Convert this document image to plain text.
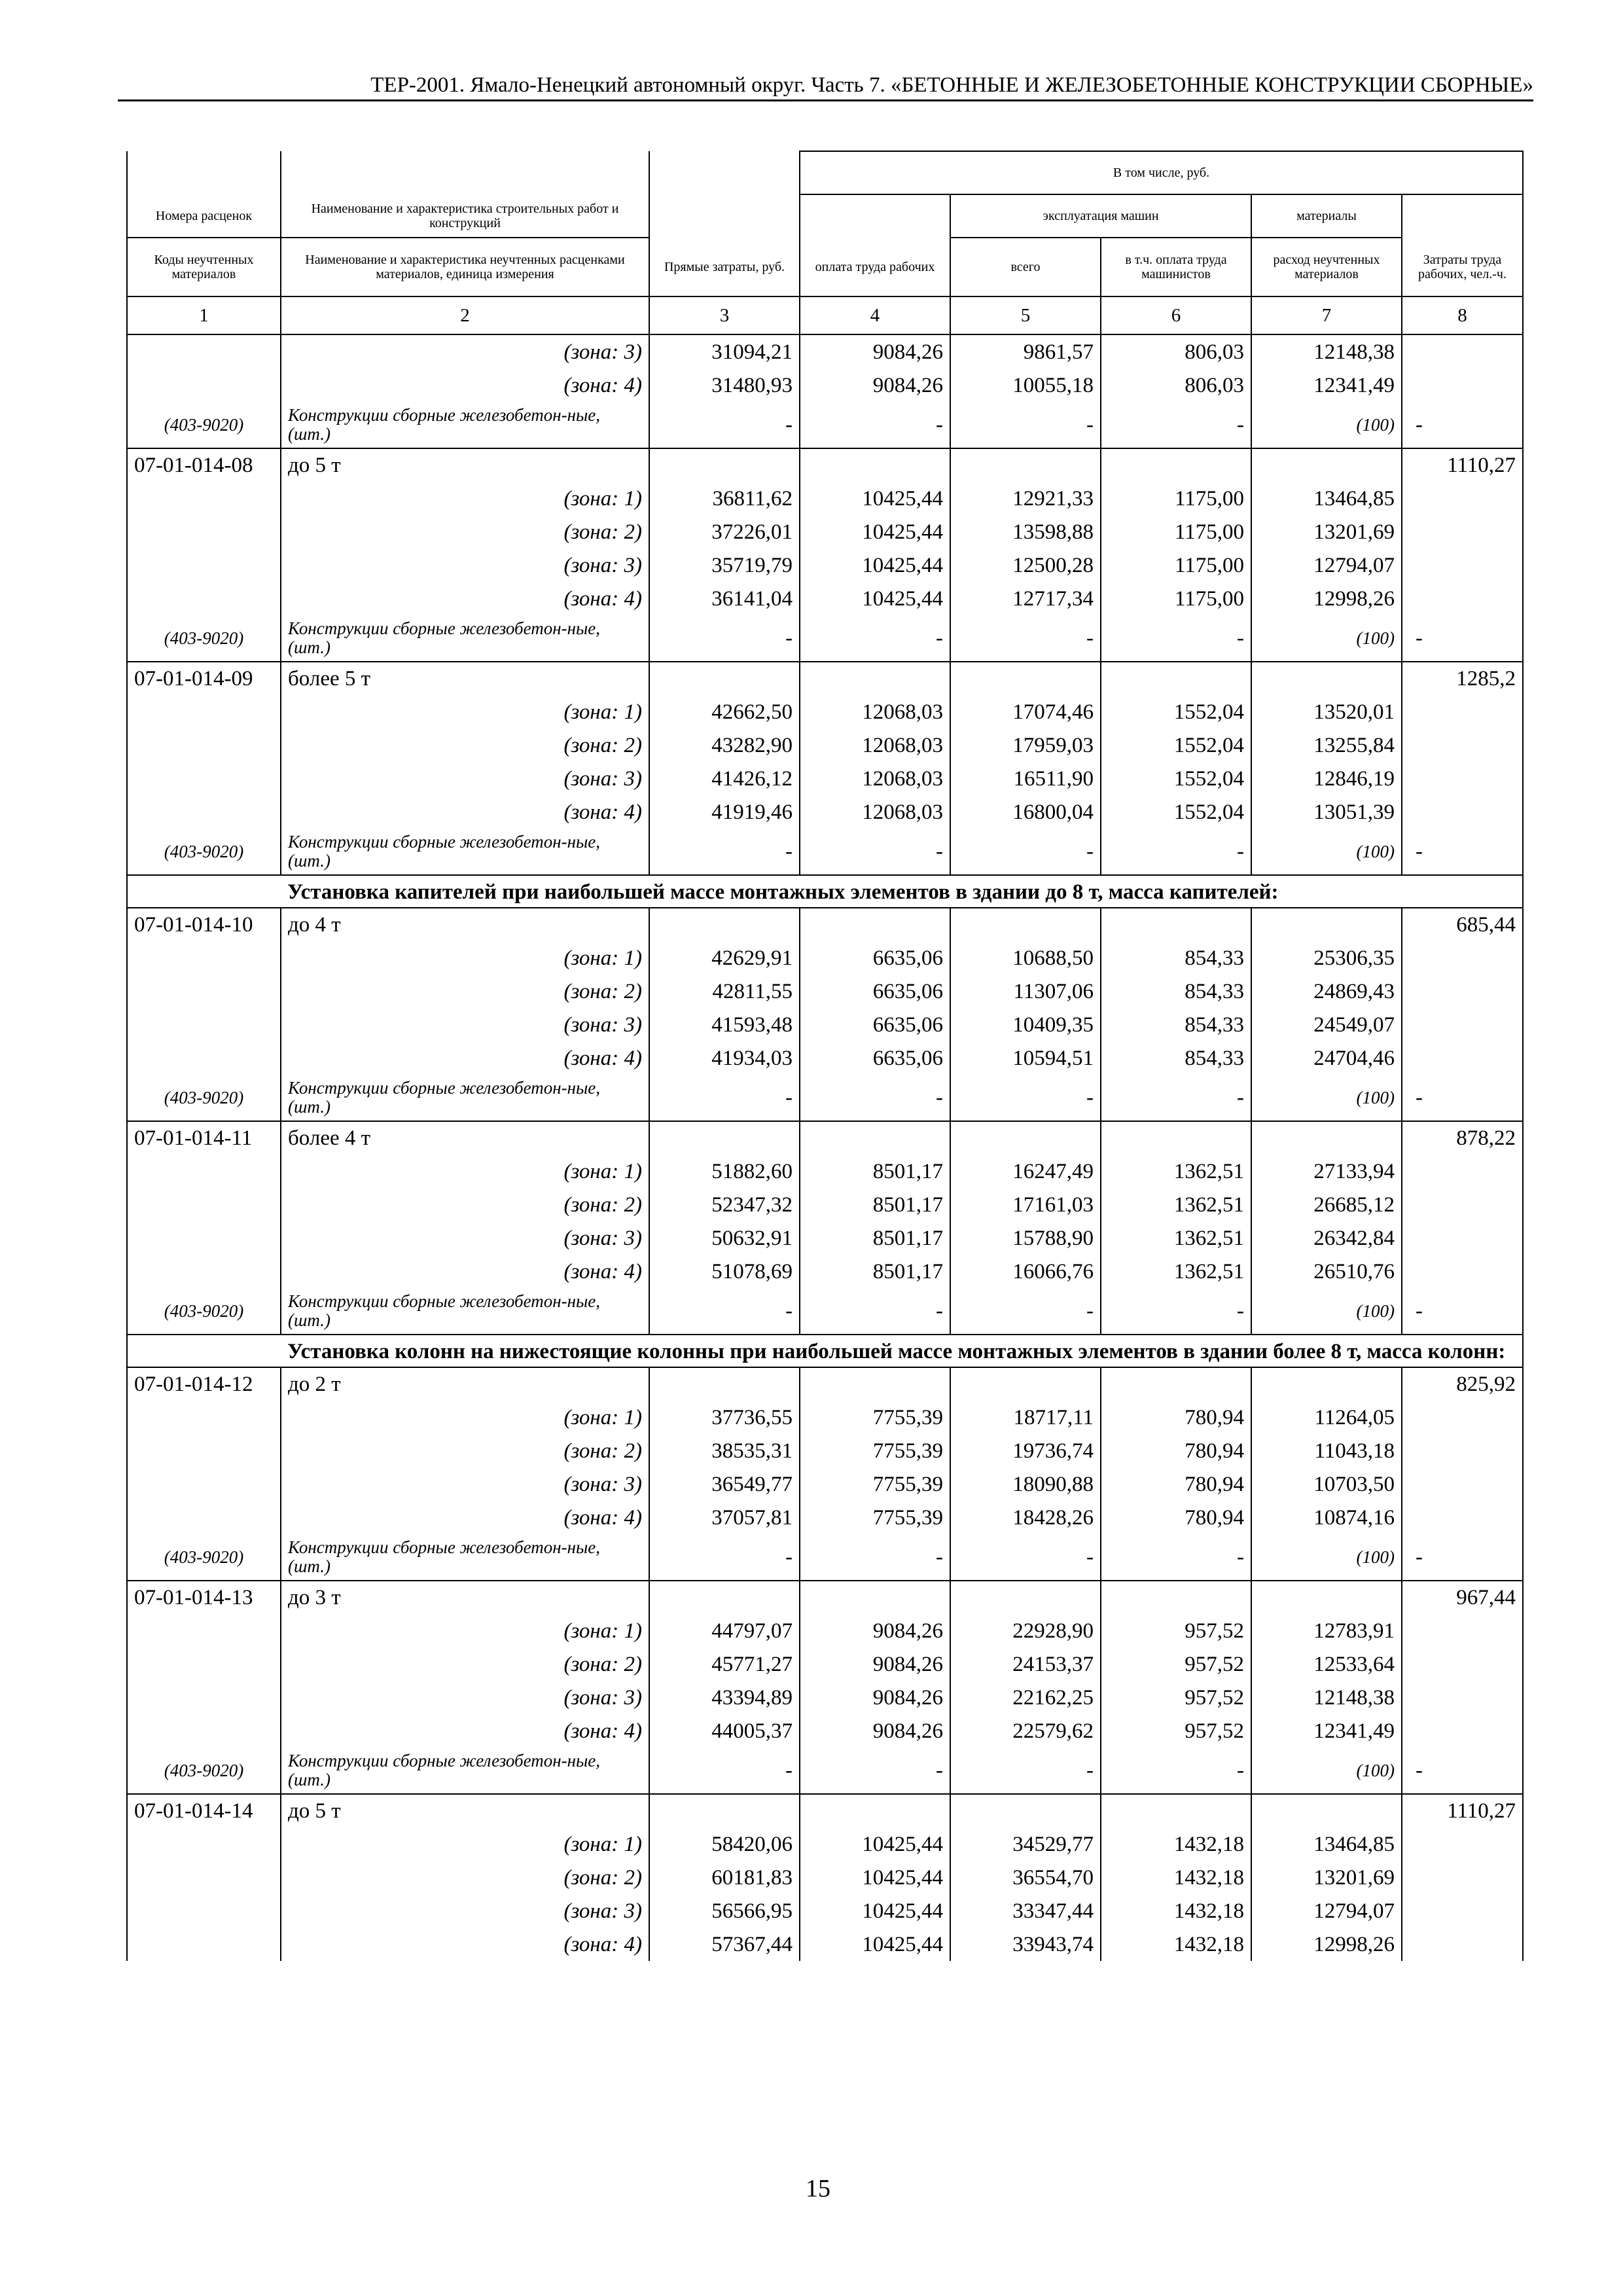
ТЕР-2001. Ямало-Ненецкий автономный округ. Часть 7. «БЕТОННЫЕ И ЖЕЛЕЗОБЕТОННЫЕ КОНСТРУКЦИИ СБОРНЫЕ»
			В том числе, руб.				
Номера расценок	Наименование и характеристика строительных работ и конструкций			эксплуатация машин		материалы	
Коды неучтенных материалов	Наименование и характеристика неучтенных расценками материалов, единица измерения	Прямые затраты, руб.	оплата труда рабочих	всего	в т.ч. оплата труда машинистов	расход неучтенных материалов	Затраты труда рабочих, чел.-ч.
1	2	3	4	5	6	7	8
	(зона: 3)	31094,21	9084,26	9861,57	806,03	12148,38	
	(зона: 4)	31480,93	9084,26	10055,18	806,03	12341,49	
(403-9020)	Конструкции сборные железобетон-ные, (шт.)	-	-	-	-	(100)	-
07-01-014-08	до 5 т						1110,27
	(зона: 1)	36811,62	10425,44	12921,33	1175,00	13464,85	
	(зона: 2)	37226,01	10425,44	13598,88	1175,00	13201,69	
	(зона: 3)	35719,79	10425,44	12500,28	1175,00	12794,07	
	(зона: 4)	36141,04	10425,44	12717,34	1175,00	12998,26	
(403-9020)	Конструкции сборные железобетон-ные, (шт.)	-	-	-	-	(100)	-
07-01-014-09	более 5 т						1285,2
	(зона: 1)	42662,50	12068,03	17074,46	1552,04	13520,01	
	(зона: 2)	43282,90	12068,03	17959,03	1552,04	13255,84	
	(зона: 3)	41426,12	12068,03	16511,90	1552,04	12846,19	
	(зона: 4)	41919,46	12068,03	16800,04	1552,04	13051,39	
(403-9020)	Конструкции сборные железобетон-ные, (шт.)	-	-	-	-	(100)	-
	Установка капителей при наибольшей массе монтажных элементов в здании до 8 т, масса капителей:						
07-01-014-10	до 4 т						685,44
	(зона: 1)	42629,91	6635,06	10688,50	854,33	25306,35	
	(зона: 2)	42811,55	6635,06	11307,06	854,33	24869,43	
	(зона: 3)	41593,48	6635,06	10409,35	854,33	24549,07	
	(зона: 4)	41934,03	6635,06	10594,51	854,33	24704,46	
(403-9020)	Конструкции сборные железобетон-ные, (шт.)	-	-	-	-	(100)	-
07-01-014-11	более 4 т						878,22
	(зона: 1)	51882,60	8501,17	16247,49	1362,51	27133,94	
	(зона: 2)	52347,32	8501,17	17161,03	1362,51	26685,12	
	(зона: 3)	50632,91	8501,17	15788,90	1362,51	26342,84	
	(зона: 4)	51078,69	8501,17	16066,76	1362,51	26510,76	
(403-9020)	Конструкции сборные железобетон-ные, (шт.)	-	-	-	-	(100)	-
	Установка колонн на нижестоящие колонны при наибольшей массе монтажных элементов в здании более 8 т, масса колонн:						
07-01-014-12	до 2 т						825,92
	(зона: 1)	37736,55	7755,39	18717,11	780,94	11264,05	
	(зона: 2)	38535,31	7755,39	19736,74	780,94	11043,18	
	(зона: 3)	36549,77	7755,39	18090,88	780,94	10703,50	
	(зона: 4)	37057,81	7755,39	18428,26	780,94	10874,16	
(403-9020)	Конструкции сборные железобетон-ные, (шт.)	-	-	-	-	(100)	-
07-01-014-13	до 3 т						967,44
	(зона: 1)	44797,07	9084,26	22928,90	957,52	12783,91	
	(зона: 2)	45771,27	9084,26	24153,37	957,52	12533,64	
	(зона: 3)	43394,89	9084,26	22162,25	957,52	12148,38	
	(зона: 4)	44005,37	9084,26	22579,62	957,52	12341,49	
(403-9020)	Конструкции сборные железобетон-ные, (шт.)	-	-	-	-	(100)	-
07-01-014-14	до 5 т						1110,27
	(зона: 1)	58420,06	10425,44	34529,77	1432,18	13464,85	
	(зона: 2)	60181,83	10425,44	36554,70	1432,18	13201,69	
	(зона: 3)	56566,95	10425,44	33347,44	1432,18	12794,07	
	(зона: 4)	57367,44	10425,44	33943,74	1432,18	12998,26	
15
